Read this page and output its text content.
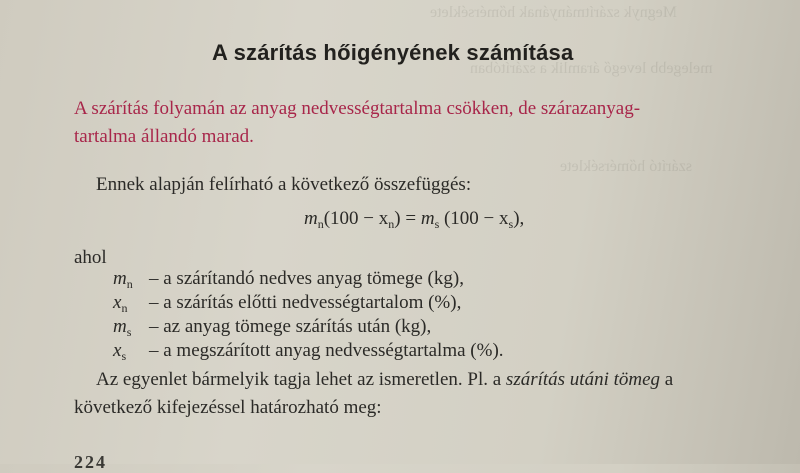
Megnyk szárítmányának hőmérséklete
melegebb levegő áramlik a szárítóban
szárító hőmérséklete
A szárítás hőigényének számítása
A szárítás folyamán az anyag nedvességtartalma csökken, de szárazanyag-
tartalma állandó marad.
Ennek alapján felírható a következő összefüggés:
$m_n(100 - x_n) = m_s$ $(100 - x_s)$,
ahol
$m_n$ – a szárítandó nedves anyag tömege (kg),
$x_n$ – a szárítás előtti nedvességtartalom (%),
$m_s$ – az anyag tömege szárítás után (kg),
$x_s$ – a megszárított anyag nedvességtartalma (%).
Az egyenlet bármelyik tagja lehet az ismeretlen. Pl. a szárítás utáni tömeg a
következő kifejezéssel határozható meg:
224
